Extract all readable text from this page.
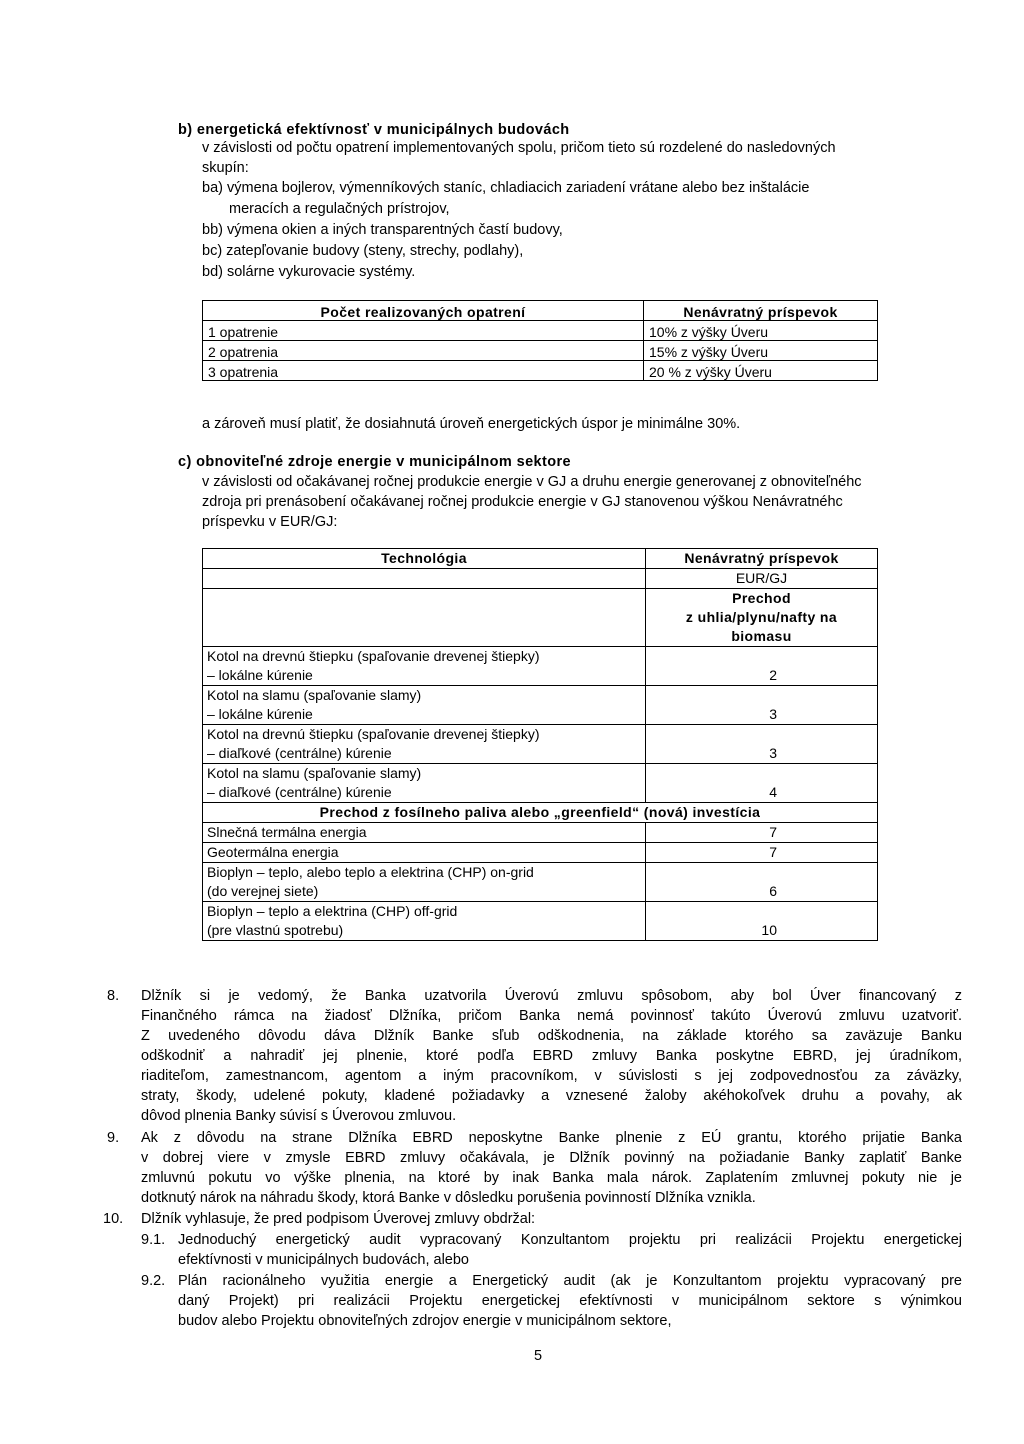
b) energetická efektívnosť v municipálnych budovách
v závislosti od počtu opatrení implementovaných spolu, pričom tieto sú rozdelené do nasledovných
skupín:
ba) výmena bojlerov, výmenníkových staníc, chladiacich zariadení vrátane alebo bez inštalácie
meracích a regulačných prístrojov,
bb) výmena okien a iných transparentných častí budovy,
bc) zatepľovanie budovy (steny, strechy, podlahy),
bd) solárne vykurovacie systémy.
Počet realizovaných opatrení	Nenávratný príspevok
1 opatrenie	10% z výšky Úveru
2 opatrenia	15% z výšky Úveru
3 opatrenia	20 % z výšky Úveru
a zároveň musí platiť, že dosiahnutá úroveň energetických úspor je minimálne 30%.
c) obnoviteľné zdroje energie v municipálnom sektore
v závislosti od očakávanej ročnej produkcie energie v GJ a druhu energie generovanej z obnoviteľnéhc
zdroja pri prenásobení očakávanej ročnej produkcie energie v GJ stanovenou výškou Nenávratnéhc
príspevku v EUR/GJ:
Technológia	Nenávratný príspevok
	EUR/GJ

	Prechod
z uhlia/plynu/nafty na
biomasu

Kotol na drevnú štiepku (spaľovanie drevenej štiepky)
– lokálne kúrenie	2

Kotol na slamu (spaľovanie slamy)
– lokálne kúrenie	3

Kotol na drevnú štiepku (spaľovanie drevenej štiepky)
– diaľkové (centrálne) kúrenie	3

Kotol na slamu (spaľovanie slamy)
– diaľkové (centrálne) kúrenie	4
Prechod z fosílneho paliva alebo „greenfield“ (nová) investícia	
Slnečná termálna energia	7
Geotermálna energia	7

Bioplyn – teplo, alebo teplo a elektrina (CHP) on-grid
(do verejnej siete)	6

Bioplyn – teplo a elektrina (CHP) off-grid
(pre vlastnú spotrebu)	10
8. Dlžník si je vedomý, že Banka uzatvorila Úverovú zmluvu spôsobom, aby bol Úver financovaný z
Finančného rámca na žiadosť Dlžníka, pričom Banka nemá povinnosť takúto Úverovú zmluvu uzatvoriť.
Z uvedeného dôvodu dáva Dlžník Banke sľub odškodnenia, na základe ktorého sa zaväzuje Banku
odškodniť a nahradiť jej plnenie, ktoré podľa EBRD zmluvy Banka poskytne EBRD, jej úradníkom,
riaditeľom, zamestnancom, agentom a iným pracovníkom, v súvislosti s jej zodpovednosťou za záväzky,
straty, škody, udelené pokuty, kladené požiadavky a vznesené žaloby akéhokoľvek druhu a povahy, ak
dôvod plnenia Banky súvisí s Úverovou zmluvou.
9. Ak z dôvodu na strane Dlžníka EBRD neposkytne Banke plnenie z EÚ grantu, ktorého prijatie Banka
v dobrej viere v zmysle EBRD zmluvy očakávala, je Dlžník povinný na požiadanie Banky zaplatiť Banke
zmluvnú pokutu vo výške plnenia, na ktoré by inak Banka mala nárok. Zaplatením zmluvnej pokuty nie je
dotknutý nárok na náhradu škody, ktorá Banke v dôsledku porušenia povinností Dlžníka vznikla.
10. Dlžník vyhlasuje, že pred podpisom Úverovej zmluvy obdržal:
9.1. Jednoduchý energetický audit vypracovaný Konzultantom projektu pri realizácii Projektu energetickej
efektívnosti v municipálnych budovách, alebo
9.2. Plán racionálneho využitia energie a Energetický audit (ak je Konzultantom projektu vypracovaný pre
daný Projekt) pri realizácii Projektu energetickej efektívnosti v municipálnom sektore s výnimkou
budov alebo Projektu obnoviteľných zdrojov energie v municipálnom sektore,
5
